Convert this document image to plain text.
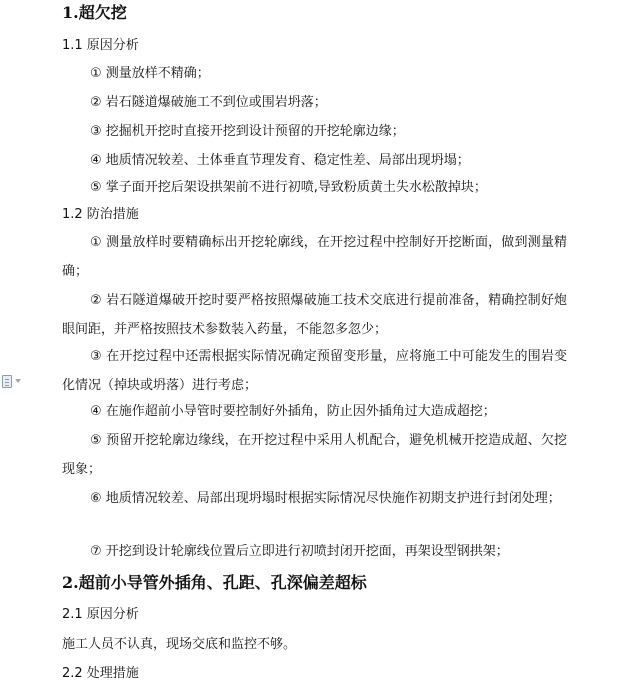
1.超欠挖
1.1 原因分析

① 测量放样不精确；

② 岩石隧道爆破施工不到位或围岩坍落；

③ 挖掘机开挖时直接开挖到设计预留的开挖轮廓边缘；

④ 地质情况较差、土体垂直节理发育、稳定性差、局部出现坍塌；

⑤ 掌子面开挖后架设拱架前不进行初喷,导致粉质黄土失水松散掉块；

1.2 防治措施

① 测量放样时要精确标出开挖轮廓线，在开挖过程中控制好开挖断面，做到测量精确；

② 岩石隧道爆破开挖时要严格按照爆破施工技术交底进行提前准备，精确控制好炮眼间距，并严格按照技术参数装入药量，不能忽多忽少；

③ 在开挖过程中还需根据实际情况确定预留变形量，应将施工中可能发生的围岩变化情况（掉块或坍落）进行考虑；

④ 在施作超前小导管时要控制好外插角，防止因外插角过大造成超挖；

⑤ 预留开挖轮廓边缘线，在开挖过程中采用人机配合，避免机械开挖造成超、欠挖现象；

⑥ 地质情况较差、局部出现坍塌时根据实际情况尽快施作初期支护进行封闭处理；

⑦ 开挖到设计轮廓线位置后立即进行初喷封闭开挖面，再架设型钢拱架；

2.超前小导管外插角、孔距、孔深偏差超标
2.1 原因分析
施工人员不认真，现场交底和监控不够。
2.2 处理措施
